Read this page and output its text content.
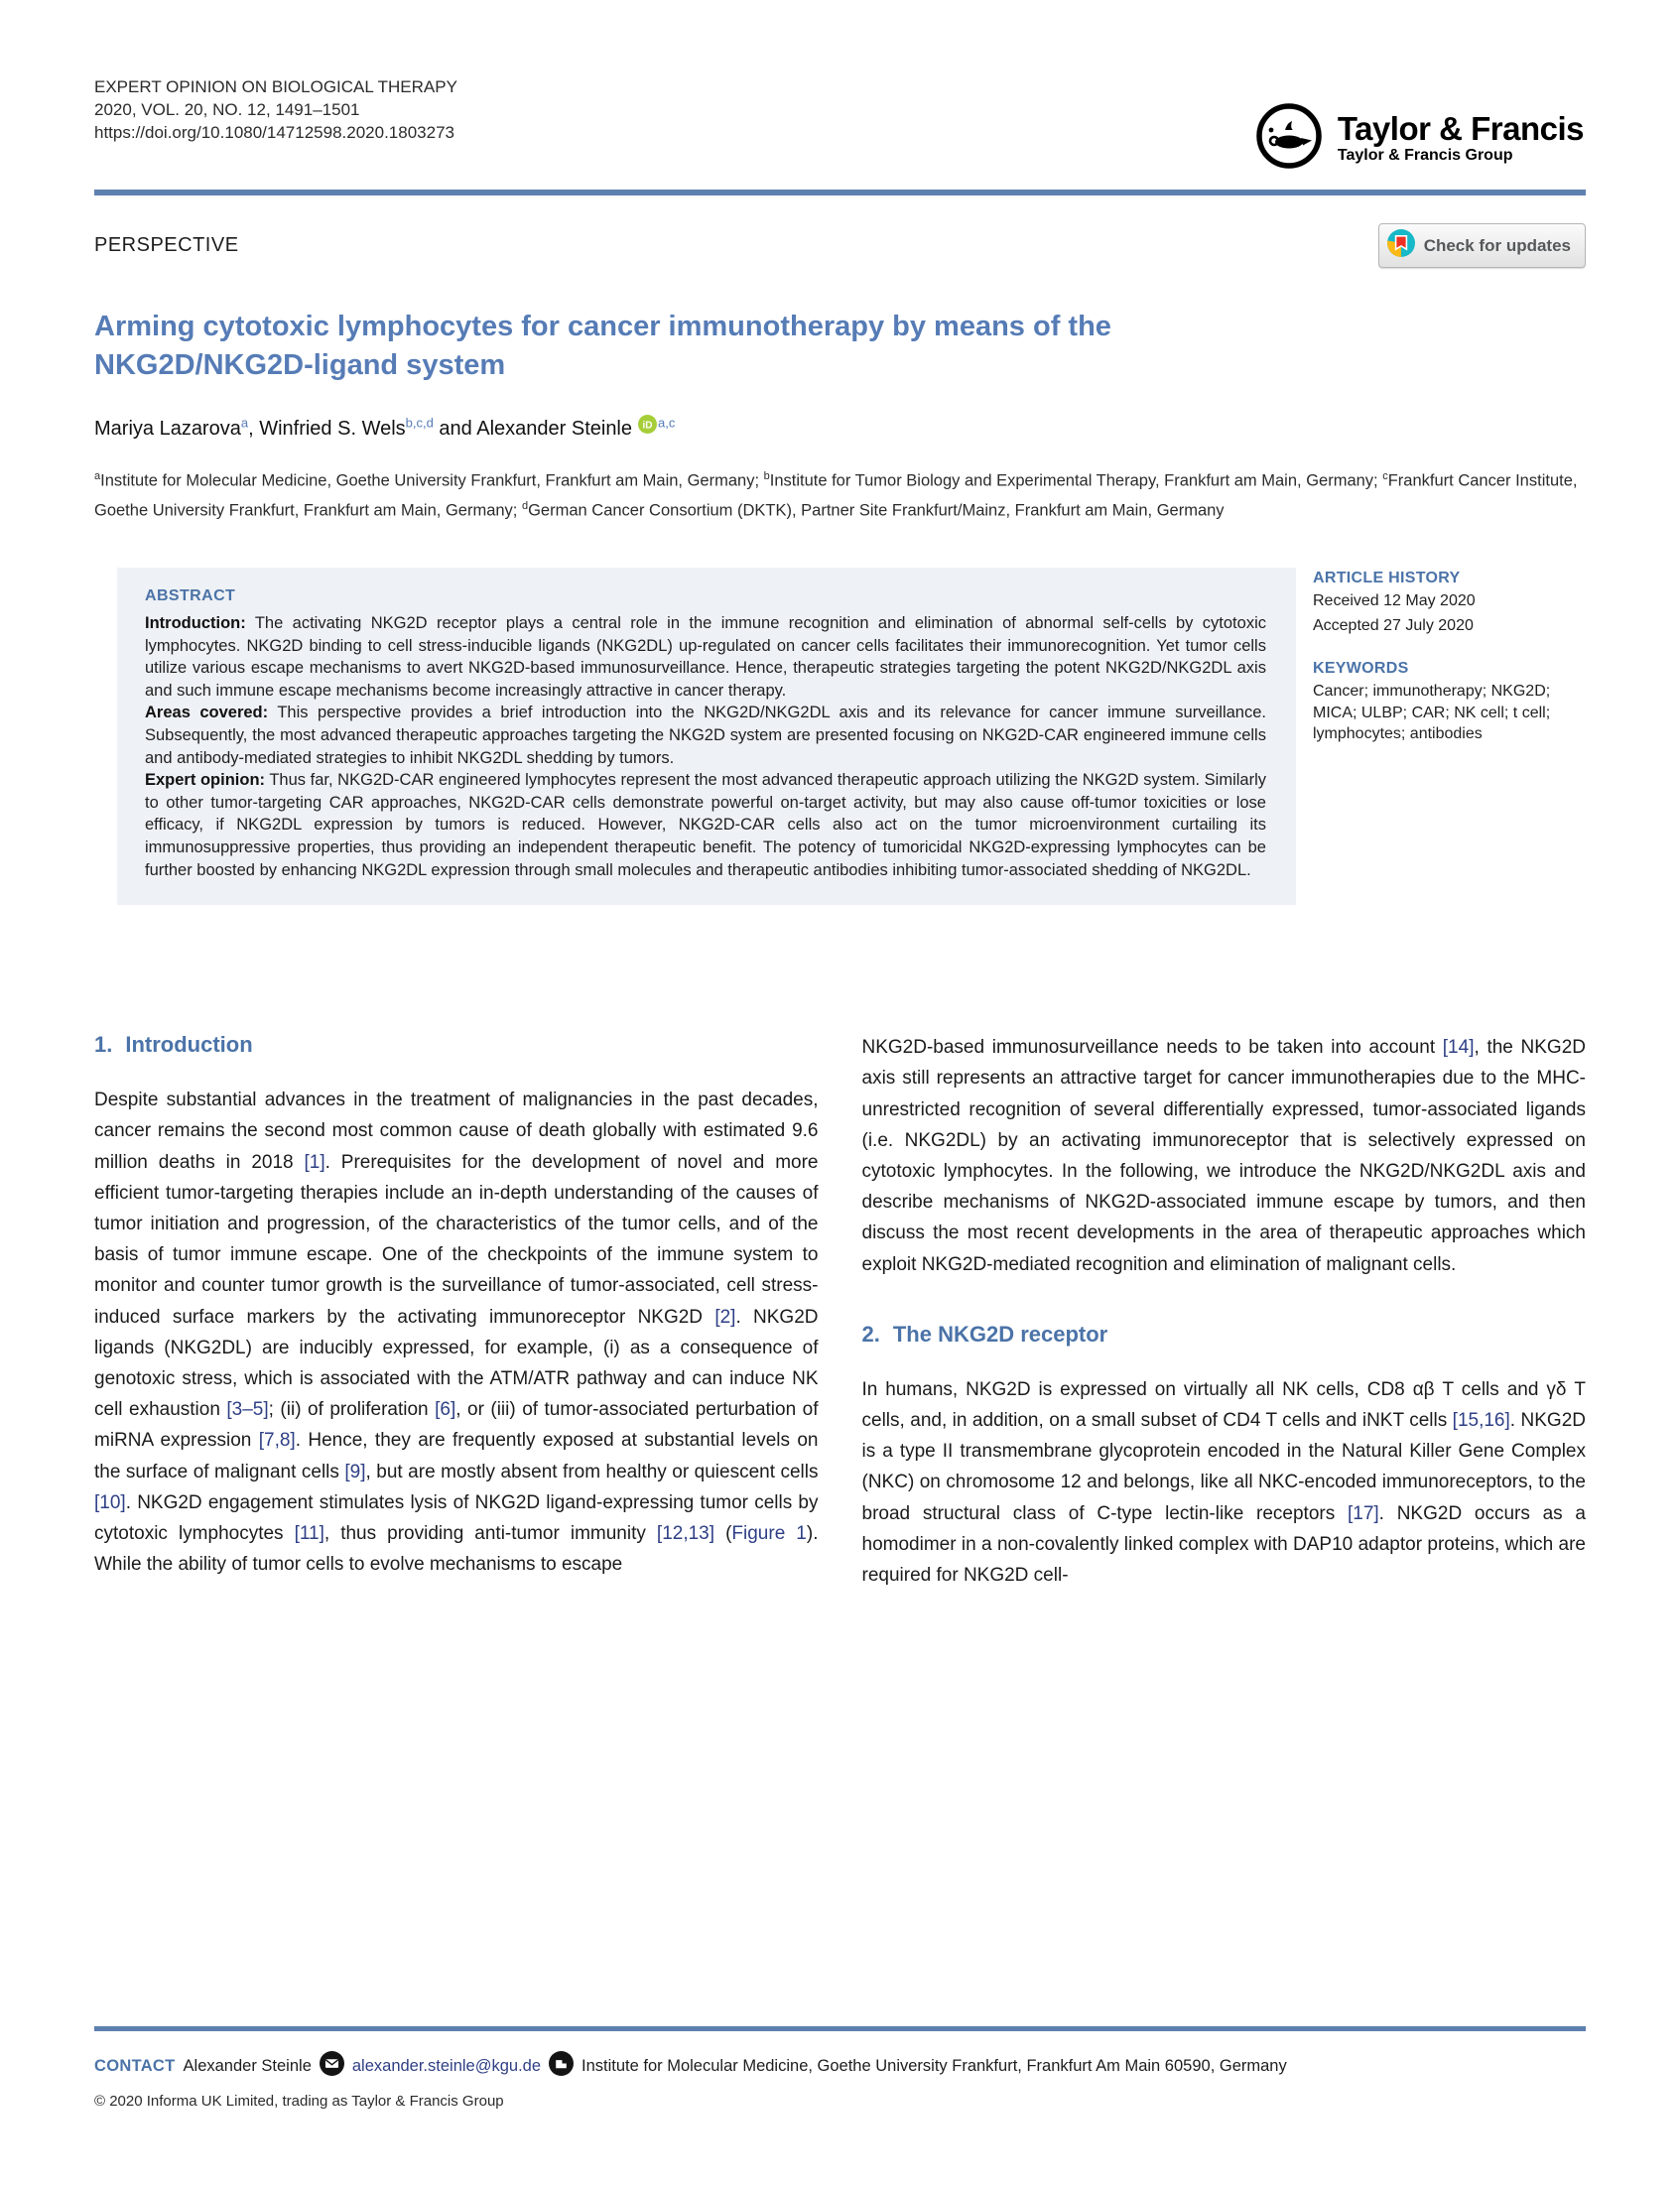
EXPERT OPINION ON BIOLOGICAL THERAPY
2020, VOL. 20, NO. 12, 1491–1501
https://doi.org/10.1080/14712598.2020.1803273	Taylor & Francis
Taylor & Francis Group
PERSPECTIVE	Check for updates
Arming cytotoxic lymphocytes for cancer immunotherapy by means of the NKG2D/NKG2D-ligand system
Mariya Lazarova$^a$, Winfried S. Wels$^{b,c,d}$ and Alexander Steinle iD $^{a,c}$
$^a$Institute for Molecular Medicine, Goethe University Frankfurt, Frankfurt am Main, Germany; $^b$Institute for Tumor Biology and Experimental Therapy, Frankfurt am Main, Germany; $^c$Frankfurt Cancer Institute, Goethe University Frankfurt, Frankfurt am Main, Germany; $^d$German Cancer Consortium (DKTK), Partner Site Frankfurt/Mainz, Frankfurt am Main, Germany
ABSTRACT

Introduction: The activating NKG2D receptor plays a central role in the immune recognition and elimination of abnormal self-cells by cytotoxic lymphocytes. NKG2D binding to cell stress-inducible ligands (NKG2DL) up-regulated on cancer cells facilitates their immunorecognition. Yet tumor cells utilize various escape mechanisms to avert NKG2D-based immunosurveillance. Hence, therapeutic strategies targeting the potent NKG2D/NKG2DL axis and such immune escape mechanisms become increasingly attractive in cancer therapy.

Areas covered: This perspective provides a brief introduction into the NKG2D/NKG2DL axis and its relevance for cancer immune surveillance. Subsequently, the most advanced therapeutic approaches targeting the NKG2D system are presented focusing on NKG2D-CAR engineered immune cells and antibody-mediated strategies to inhibit NKG2DL shedding by tumors.

Expert opinion: Thus far, NKG2D-CAR engineered lymphocytes represent the most advanced therapeutic approach utilizing the NKG2D system. Similarly to other tumor-targeting CAR approaches, NKG2D-CAR cells demonstrate powerful on-target activity, but may also cause off-tumor toxicities or lose efficacy, if NKG2DL expression by tumors is reduced. However, NKG2D-CAR cells also act on the tumor microenvironment curtailing its immunosuppressive properties, thus providing an independent therapeutic benefit. The potency of tumoricidal NKG2D-expressing lymphocytes can be further boosted by enhancing NKG2DL expression through small molecules and therapeutic antibodies inhibiting tumor-associated shedding of NKG2DL.

ARTICLE HISTORY
Received 12 May 2020
Accepted 27 July 2020
KEYWORDS
Cancer; immunotherapy; NKG2D; MICA; ULBP; CAR; NK cell; t cell; lymphocytes; antibodies
1. Introduction

Despite substantial advances in the treatment of malignancies in the past decades, cancer remains the second most common cause of death globally with estimated 9.6 million deaths in 2018 [1]. Prerequisites for the development of novel and more efficient tumor-targeting therapies include an in-depth understanding of the causes of tumor initiation and progression, of the characteristics of the tumor cells, and of the basis of tumor immune escape. One of the checkpoints of the immune system to monitor and counter tumor growth is the surveillance of tumor-associated, cell stress-induced surface markers by the activating immunoreceptor NKG2D [2]. NKG2D ligands (NKG2DL) are inducibly expressed, for example, (i) as a consequence of genotoxic stress, which is associated with the ATM/ATR pathway and can induce NK cell exhaustion [3–5]; (ii) of proliferation [6], or (iii) of tumor-associated perturbation of miRNA expression [7,8]. Hence, they are frequently exposed at substantial levels on the surface of malignant cells [9], but are mostly absent from healthy or quiescent cells [10]. NKG2D engagement stimulates lysis of NKG2D ligand-expressing tumor cells by cytotoxic lymphocytes [11], thus providing anti-tumor immunity [12,13] (Figure 1). While the ability of tumor cells to evolve mechanisms to escape

NKG2D-based immunosurveillance needs to be taken into account [14], the NKG2D axis still represents an attractive target for cancer immunotherapies due to the MHC-unrestricted recognition of several differentially expressed, tumor-associated ligands (i.e. NKG2DL) by an activating immunoreceptor that is selectively expressed on cytotoxic lymphocytes. In the following, we introduce the NKG2D/NKG2DL axis and describe mechanisms of NKG2D-associated immune escape by tumors, and then discuss the most recent developments in the area of therapeutic approaches which exploit NKG2D-mediated recognition and elimination of malignant cells.

2. The NKG2D receptor

In humans, NKG2D is expressed on virtually all NK cells, CD8 αβ T cells and γδ T cells, and, in addition, on a small subset of CD4 T cells and iNKT cells [15,16]. NKG2D is a type II transmembrane glycoprotein encoded in the Natural Killer Gene Complex (NKC) on chromosome 12 and belongs, like all NKC-encoded immunoreceptors, to the broad structural class of C-type lectin-like receptors [17]. NKG2D occurs as a homodimer in a non-covalently linked complex with DAP10 adaptor proteins, which are required for NKG2D cell-

CONTACT Alexander Steinle alexander.steinle@kgu.de Institute for Molecular Medicine, Goethe University Frankfurt, Frankfurt Am Main 60590, Germany
© 2020 Informa UK Limited, trading as Taylor & Francis Group
